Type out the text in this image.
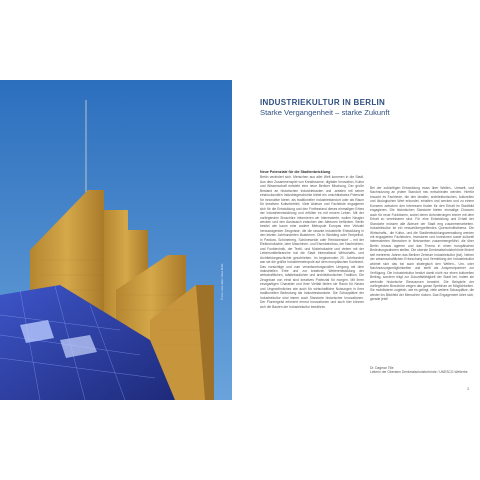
© Foto: Uwe Jahn / Haus Berlin
INDUSTRIEKULTUR IN BERLIN
Starke Vergangenheit – starke Zukunft
Neue Potenziale für die Stadtentwicklung

Berlin verändert sich. Menschen aus aller Welt kommen in die Stadt. Aus dem Zusammenspiel von Kreativszene, digitaler Innovation, Kultur und Wissenschaft entsteht eine neue Berliner Mischung. Der große Bestand an historischen Industriebauten und -arealen mit seiner eindrucksvollen Industriegeschichte bietet ein unschätzbares Potenzial für innovative Ideen: als traditioneller Industriestandort oder als Raum für kreativen Kulturbetrieb. Viele Akteure und Fachleute engagieren sich für die Entwicklung und den Fortbestand dieses einmaligen Erbes der Industrieentwicklung und erfüllen es mit neuem Leben. Mit der vorliegenden Broschüre informieren wir Interessierte, wollen Neugier wecken und den Austausch zwischen den Akteuren befördern. Berlin besitzt wie kaum eine andere Metropole Europas eine Vielzahl herausragender Zeugnisse, die die rasante industrielle Entwicklung in den letzten Jahrhunderten illustrieren. Ob in Wedding oder Tempelhof, in Pankow, Schöneberg, Schöneweide oder Reinickendorf – mit der Elektroindustrie, dem Maschinen- und Eisenbahnbau, der Nachrichten- und Funktechnik, der Textil- und Modeindustrie und vielem mit der Lebensmittelbranche hat die Stadt international Wirtschafts- und Architekturgeschichte geschrieben. Im beginnenden 20. Jahrhundert war sie die größte Industriemetropole auf dem europäischen Kontinent. Das vorsichtige und zum verantwortungsvollen Umgang mit dem industriellen Erbe und zur kreativen Weiterentwicklung der wirtschaftlichen, städtebaulichen und architektonischen Tradition. Die Zeugnisse von einst sind kreatives Potenzial für morgen. Mit ihren einzigartigen Charakter und ihrer Vielfalt bieten sie Raum für Neues und Ungewöhnliches wie auch für wirtschaftliche Nutzungen in ihrer traditionellen Bedeutung als Industriestandorte. Die Schauplätze der Industriekultur sind immer auch Standorte historischer Innovationen. Der Pioniergeist erfordert erneut Innovationen und auch hier können sich die Bauten der Industriekultur bewähren.

Bei der zukünftigen Entwicklung muss über Welten-, Umwelt- und Nachnutzung an jedem Standort neu entschieden werden. Hierfür braucht es Fachleute, die den idealen, architektonischen, kulturellen und ökologischen Wert erkundet, erhalten und wecken und zu einem Konsens zwischen den Interessen finden für den Erhalt im Stadtbild engagieren. Die historischen Standorte bieten einmalige Chancen auch für neue Funktionen, wobei deren Anforderungen immer mit dem Erhalt zu vereinbaren sind. Für eine Entwicklung und Erhalt der Standorte müssen alle Akteure der Stadt eng zusammenarbeiten. Industriekultur ist ein ressortübergreifendes Querschnittsthema. Die Wirtschafts-, die Kultur- und die Stadtentwicklungsverwaltung werden mit engagierten Fachleuten, Investoren und Investoren sowie kulturell interessierten Menschen in Netzwerken zusammengeführt, die über Berlin hinaus agieren und das Thema in einen europäischen Bedeutungsrahmen stellen. Die oberste Denkmalschutzbehörde fördert seit mehreren Jahren das Berliner Zentrum Industriekultur (bzi). Neben der wissenschaftlichen Erforschung und Vermittlung der Industriekultur widmet sich das bzi auch strategisch den Welten-, Um- oder Nachnutzungsmöglichkeiten und stellt als Ansprechpartner zur Verfügung. Die Industriekultur besitzt damit nicht nur einen kulturellen Beitrag, sondern trägt zur Zukunftsfähigkeit der Stadt bei, indem sie wertvolle historische Ressourcen bewahrt. Die Beispiele der vorliegenden Broschüre zeigen das ganze Spektrum an Möglichkeiten. Sie mobilisieren zugleich, wie es gelingt, viele weitere Schauplätze, die wieder ins Blickfeld der Menschen rücken. Das Engagement lohnt sich, gerade jetzt!

Dr. Dagmar Tille
Leiterin der Obersten Denkmalschutzbehörde / UNESCO-Welterbe
3
